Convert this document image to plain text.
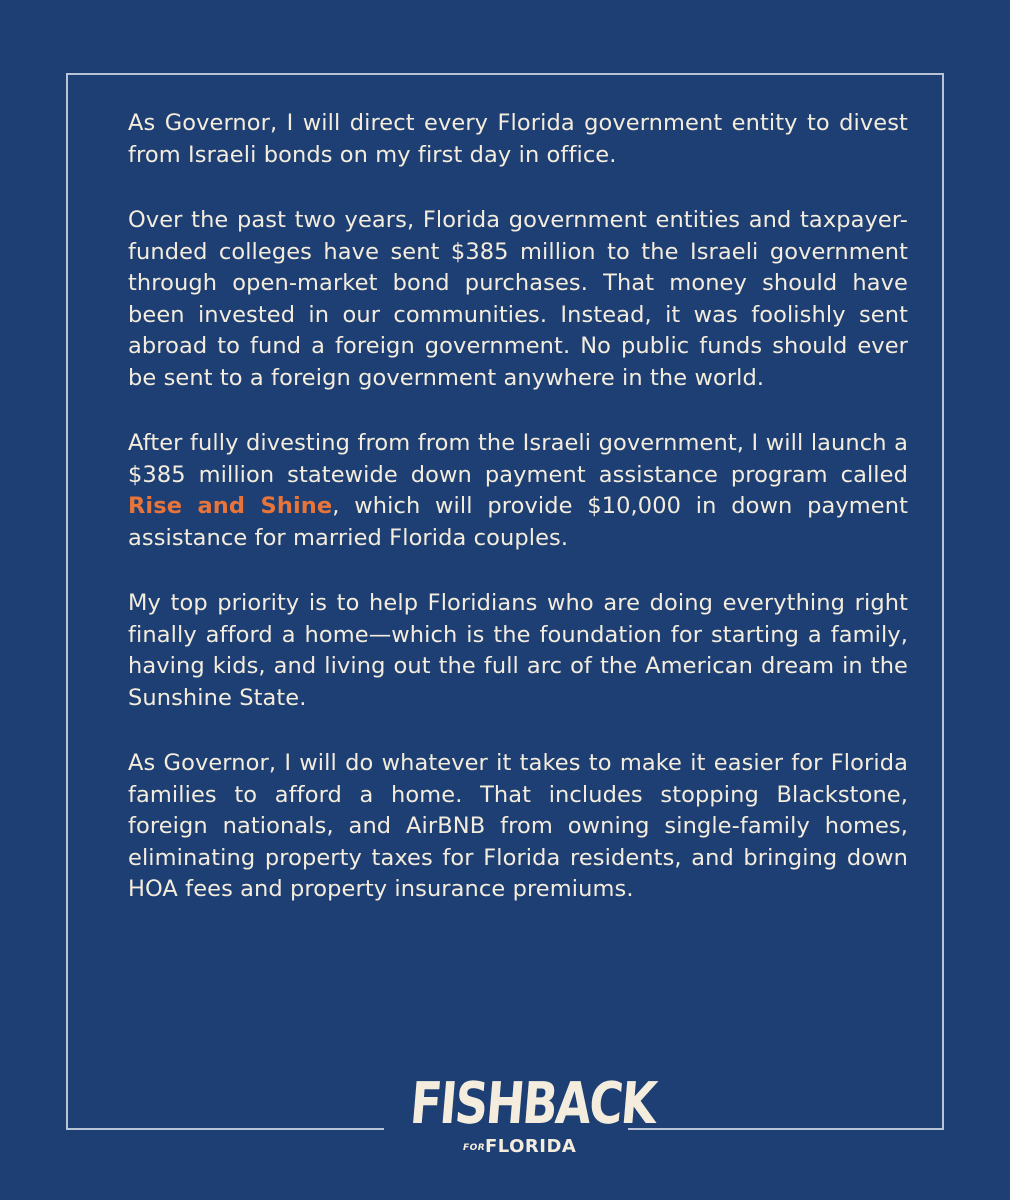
As Governor, I will direct every Florida government entity to divest from Israeli bonds on my first day in office.

Over the past two years, Florida government entities and taxpayer-funded colleges have sent $385 million to the Israeli government through open-market bond purchases. That money should have been invested in our communities. Instead, it was foolishly sent abroad to fund a foreign government. No public funds should ever be sent to a foreign government anywhere in the world.

After fully divesting from from the Israeli government, I will launch a $385 million statewide down payment assistance program called Rise and Shine, which will provide $10,000 in down payment assistance for married Florida couples.

My top priority is to help Floridians who are doing everything right finally afford a home—which is the foundation for starting a family, having kids, and living out the full arc of the American dream in the Sunshine State.

As Governor, I will do whatever it takes to make it easier for Florida families to afford a home. That includes stopping Blackstone, foreign nationals, and AirBNB from owning single-family homes, eliminating property taxes for Florida residents, and bringing down HOA fees and property insurance premiums.

FISHBACK
FOR FLORIDA
